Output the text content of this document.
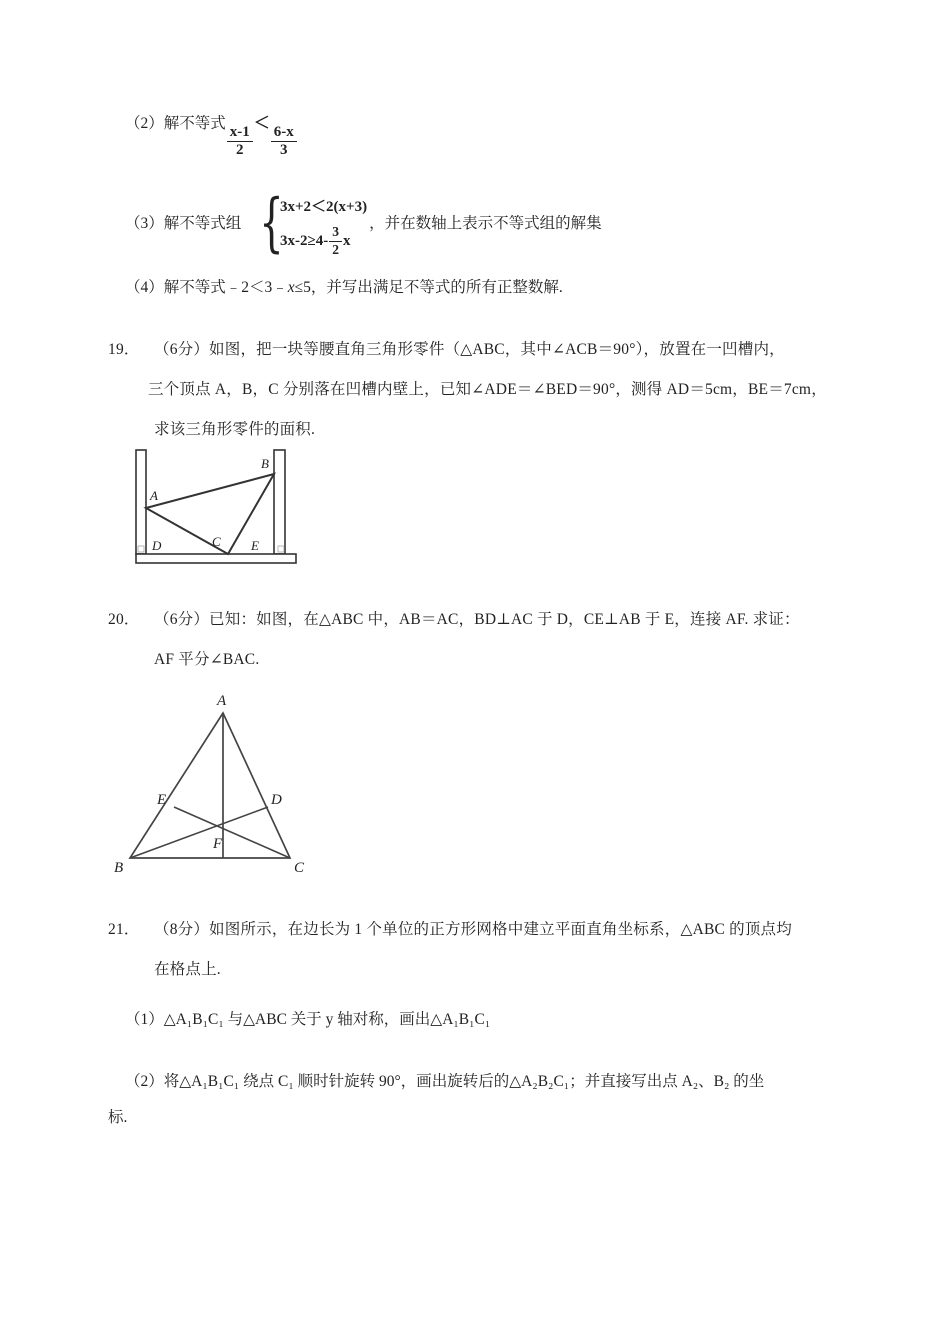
（2）解不等式
$\frac{x-1}{2}$
＜
$\frac{6-x}{3}$
（3）解不等式组 {
3x+2＜2(x+3)
$3x-2\ge 4- \frac{3}{2}$ x
，并在数轴上表示不等式组的解集
（4）解不等式﹣2＜3﹣x≤5，并写出满足不等式的所有正整数解.
19． （6分）如图，把一块等腰直角三角形零件（△ABC，其中∠ACB＝90°），放置在一凹槽内，
三个顶点 A，B，C 分别落在凹槽内壁上，已知∠ADE＝∠BED＝90°，测得 AD＝5cm，BE＝7cm，
求该三角形零件的面积.
A
B
C
D	E
20． （6分）已知：如图，在△ABC 中，AB＝AC，BD⊥AC 于 D，CE⊥AB 于 E，连接 AF. 求证：
AF 平分∠BAC.
A
B	C
D
E
F
21． （8分）如图所示，在边长为 1 个单位的正方形网格中建立平面直角坐标系，△ABC 的顶点均
在格点上.
（1）△A₁B₁C₁ 与△ABC 关于 y 轴对称，画出△A₁B₁C₁
（2）将△A₁B₁C₁ 绕点 C₁ 顺时针旋转 90°，画出旋转后的△A₂B₂C₁；并直接写出点 A₂、B₂ 的坐
标.
